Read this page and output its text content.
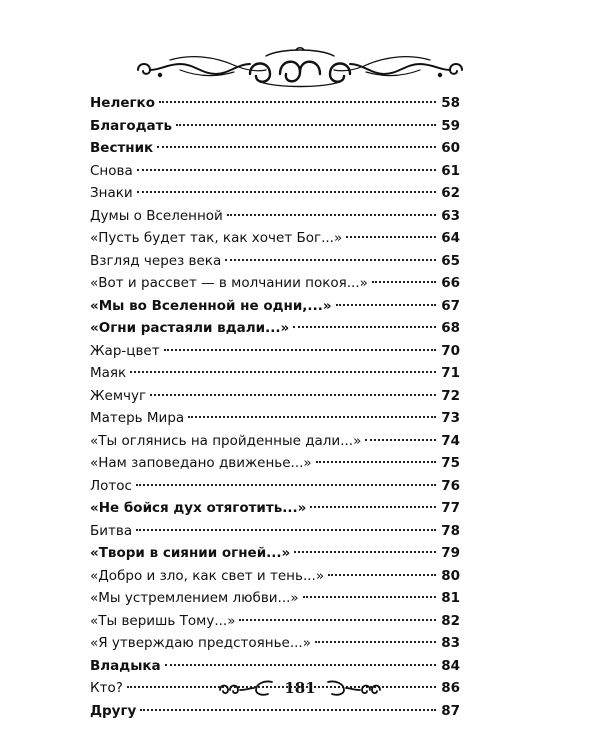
Нелегко	58
Благодать	59
Вестник	60
Снова	61
Знаки	62
Думы о Вселенной	63
«Пусть будет так, как хочет Бог...»	64
Взгляд через века	65
«Вот и рассвет — в молчании покоя...»	66
«Мы во Вселенной не одни,...»	67
«Огни растаяли вдали...»	68
Жар-цвет	70
Маяк	71
Жемчуг	72
Матерь Мира	73
«Ты оглянись на пройденные дали...»	74
«Нам заповедано движенье...»	75
Лотос	76
«Не бойся дух отяготить...»	77
Битва	78
«Твори в сиянии огней...»	79
«Добро и зло, как свет и тень...»	80
«Мы устремлением любви...»	81
«Ты веришь Тому...»	82
«Я утверждаю предстоянье...»	83
Владыка	84
Кто?	86
Другу	87
181
